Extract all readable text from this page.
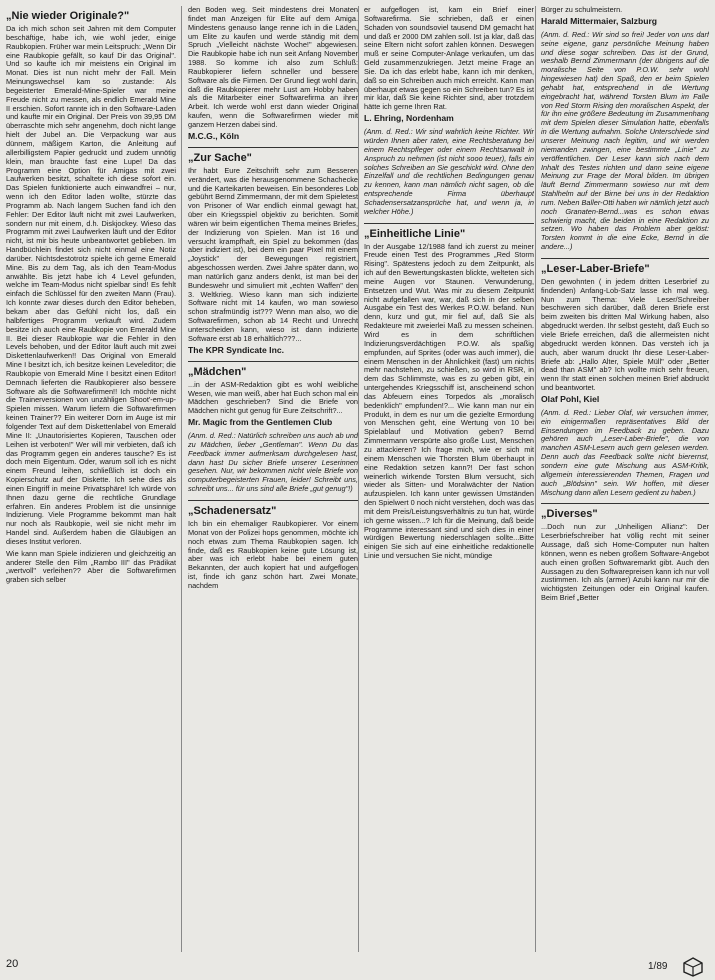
„Nie wieder Originale?"

Da ich mich schon seit Jahren mit dem Computer beschäftige, habe ich, wie wohl jeder, einige Raubkopien. Früher war mein Leitspruch: „Wenn Dir eine Raubkopie gefällt, so kauf Dir das Original". Und so kaufte ich mir meistens ein Original im Monat. Dies ist nun nicht mehr der Fall. Mein Meinungswechsel kam so zustande: Als begeisterter Emerald-Mine-Spieler war meine Freude nicht zu messen, als endlich Emerald Mine II erschien. Sofort rannte ich in den Software-Laden und kaufte mir ein Original. Der Preis von 39,95 DM überraschte mich sehr angenehm, doch nicht lange hielt der Jubel an. Die Verpackung war aus dünnem, mäßigem Karton, die Anleitung auf allerbilligstem Papier gedruckt und zudem unnötig klein, man brauchte fast eine Lupe! Da das Programm eine Option für Amigas mit zwei Laufwerken besitzt, schaltete ich diese sofort ein. Das Spielen funktionierte auch einwandfrei – nur, wenn ich den Editor laden wollte, stürzte das Programm ab. Nach langem Suchen fand ich den Fehler: Der Editor läuft nicht mit zwei Laufwerken, sondern nur mit einem, d.h. Diskjockey. Wieso das Programm mit zwei Laufwerken läuft und der Editor nicht, ist mir bis heute unbeantwortet geblieben. Im Handbüchlein findet sich nicht einmal eine Notiz darüber. Nichtsdestotrotz spielte ich gerne Emerald Mine. Bis zu dem Tag, als ich den Team-Modus anwählte. Bis jetzt habe ich 4 Level gefunden, welche im Team-Modus nicht spielbar sind! Es fehlt einfach die Schlüssel für den zweiten Mann (Frau). Ich konnte zwar dieses durch den Editor beheben, bekam aber das Gefühl nicht los, daß ein halbfertiges Programm verkauft wird. Zudem besitze ich auch eine Raubkopie von Emerald Mine II. Bei dieser Raubkopie war die Fehler in den Levels behoben, und der Editor läuft auch mit zwei Diskettenlaufwerken!! Das Original von Emerald Mine I besitzt ich, ich besitze keinen Leveleditor; die Raubkopie von Emerald Mine I besitzt einen Editor! Demnach lieferten die Raubkopierer also bessere Software als die Softwarefirmen!! Ich möchte nicht die Trainerversionen von unzähligen Shoot'-em-up-Spielen missen. Warum liefern die Softwarefirmen keinen Trainer?? Ein weiterer Dorn im Auge ist mir folgender Text auf dem Diskettenlabel von Emerald Mine II: „Unautorisiertes Kopieren, Tauschen oder Leihen ist verboten!" Wer will mir verbieten, daß ich das Programm gegen ein anderes tausche? Es ist doch mein Eigentum. Oder, warum soll ich es nicht einem Freund leihen, schließlich ist doch ein Kopierschutz auf der Diskette. Ich sehe dies als einen Eingriff in meine Privatsphäre! Ich würde von Ihnen dazu gerne die rechtliche Grundlage erfahren. Ein anderes Problem ist die unsinnige Indizierung. Viele Programme bekommt man halt nur noch als Raubkopie, weil sie nicht mehr im Handel sind. Außerdem haben die Gläubigen an dieses Institut verloren.

Wie kann man Spiele indizieren und gleichzeitig an anderer Stelle den Film „Rambo III" das Prädikat „wertvoll" verleihen?? Aber die Softwarefirmen graben sich selber

den Boden weg. Seit mindestens drei Monaten findet man Anzeigen für Elite auf dem Amiga. Mindestens genauso lange renne ich in die Läden, um Elite zu kaufen und werde ständig mit dem Spruch „Vielleicht nächste Woche!" abgewiesen. Die Raubkopie habe ich nun seit Anfang November 1988. So komme ich also zum Schluß: Raubkopierer liefern schneller und bessere Software als die Firmen. Der Grund liegt wohl darin, daß die Raubkopierer mehr Lust am Hobby haben als die Mitarbeiter einer Softwarefirma an ihrer Arbeit. Ich werde wohl erst dann wieder Original kaufen, wenn die Softwarefirmen wieder mit ganzem Herzen dabei sind.

M.C.G., Köln
„Zur Sache"

Ihr habt Eure Zeitschrift sehr zum Besseren verändert, was die herausgenommene Schachecke und die Karteikarten beweisen. Ein besonderes Lob gebührt Bernd Zimmermann, der mit dem Spieletest von Prisoner of War endlich einmal gewagt hat, über ein Kriegsspiel objektiv zu berichten. Somit wären wir beim eigentlichen Thema meines Briefes, der Indizierung von Spielen. Man ist 16 und versucht krampfhaft, ein Spiel zu bekommen (das aber indiziert ist), bei dem ein paar Pixel mit einem „Joystick" der Bewegungen registriert, abgeschossen werden. Zwei Jahre später dann, wo man natürlich ganz anders denkt, ist man bei der Bundeswehr und simuliert mit „echten Waffen" den 3. Weltkrieg. Wieso kann man sich indizierte Software nicht mit 14 kaufen, wo man sowieso schon strafmündig ist??? Wenn man also, wo die Softwarefirmen, schon ab 14 Recht und Unrecht unterscheiden kann, wieso ist dann indizierte Software erst ab 18 erhältlich???...

The KPR Syndicate Inc.
„Mädchen"

...in der ASM-Redaktion gibt es wohl weibliche Wesen, wie man weiß, aber hat Euch schon mal ein Mädchen geschrieben? Sind die Briefe von Mädchen nicht gut genug für Eure Zeitschrift?...

Mr. Magic from the Gentlemen Club

(Anm. d. Red.: Natürlich schreiben uns auch ab und zu Mädchen, lieber „Gentleman". Wenn Du das Feedback immer aufmerksam durchgelesen hast, dann hast Du sicher Briefe unserer Leserinnen gesehen. Nur, wir bekommen nicht viele Briefe von computerbegeisterten Frauen, leider! Schreibt uns, schreibt uns... für uns sind alle Briefe „gut genug"!)

„Schadenersatz"

Ich bin ein ehemaliger Raubkopierer. Vor einem Monat von der Polizei hops genommen, möchte ich noch etwas zum Thema Raubkopien sagen. Ich finde, daß es Raubkopien keine gute Lösung ist, aber was ich erlebt habe bei einem guten Bekannten, der auch kopiert hat und aufgeflogen ist, finde ich ganz schön hart. Zwei Monate, nachdem

er aufgeflogen ist, kam ein Brief einer Softwarefirma. Sie schrieben, daß er einen Schaden von soundsoviel tausend DM gemacht hat und daß er 2000 DM zahlen soll. Ist ja klar, daß das seine Eltern nicht sofort zahlen können. Deswegen muß er seine Computer-Anlage verkaufen, um das Geld zusammenzukriegen. Jetzt meine Frage an Sie. Da ich das erlebt habe, kann ich mir denken, daß so ein Schreiben auch mich erreicht. Kann man überhaupt etwas gegen so ein Schreiben tun? Es ist mir klar, daß Sie keine Richter sind, aber trotzdem hätte ich gerne Ihren Rat.

L. Ehring, Nordenham

(Anm. d. Red.: Wir sind wahrlich keine Richter. Wir würden Ihnen aber raten, eine Rechtsberatung bei einem Rechtspfleger oder einem Rechtsanwalt in Anspruch zu nehmen (ist nicht sooo teuer), falls ein solches Schreiben an Sie geschickt wird. Ohne den Einzelfall und die rechtlichen Bedingungen genau zu kennen, kann man nämlich nicht sagen, ob die entsprechende Firma überhaupt Schadensersatzansprüche hat, und wenn ja, in welcher Höhe.)

„Einheitliche Linie"

In der Ausgabe 12/1988 fand ich zuerst zu meiner Freude einen Test des Programmes „Red Storm Rising". Spätestens jedoch zu dem Zeitpunkt, als ich auf den Bewertungskasten blickte, welteten sich meine Augen vor Staunen. Verwunderung, Entsetzen und Wut. Was mir zu diesem Zeitpunkt nicht aufgefallen war, war, daß sich in der selben Ausgabe ein Test des Werkes P.O.W. befand. Nun denn, kurz und gut, mir fiel auf, daß Sie als Redakteure mit zweierlei Maß zu messen scheinen. Wird es in dem schriftlichen Indizierungsverdächtigen P.O.W. als spaßig empfunden, auf Sprites (oder was auch immer), die einem Menschen in der Ähnlichkeit (fast) um nichts mehr nachstehen, zu schießen, so wird in RSR, in dem das Schlimmste, was es zu geben gibt, ein untergehendes Kriegsschiff ist, anscheinend schon das Abfeuern eines Torpedos als „moralisch bedenklich" empfunden!?... Wie kann man nur ein Produkt, in dem es nur um die gezielte Ermordung von Menschen geht, eine Wertung von 10 bei Spielablauf und Motivation geben? Bernd Zimmermann verspürte also große Lust, Menschen zu attackieren? Ich frage mich, wie er sich mit einem Menschen wie Thorsten Blum überhaupt in eine Redaktion setzen kann?! Der fast schon weinerlich wirkende Torsten Blum versucht, sich wieder als Sitten- und Moralwächter der Nation aufzuspielen. Ich kann unter gewissen Umständen den Spielwert 0 noch nicht verstehen, doch was das mit dem Preis/Leistungsverhältnis zu tun hat, würde ich gerne wissen...? Ich für die Meinung, daß beide Programme interessant sind und sich dies in einer würdigen Bewertung niederschlagen sollte...Bitte einigen Sie sich auf eine einheitliche redaktionelle Linie und versuchen Sie nicht, mündige

Bürger zu schulmeistern.

Harald Mittermaier, Salzburg

(Anm. d. Red.: Wir sind so frei! Jeder von uns darf seine eigene, ganz persönliche Meinung haben und diese sogar schreiben. Das ist der Grund, weshalb Bernd Zimmermann (der übrigens auf die moralische Seite von P.O.W. sehr wohl hingewiesen hat) den Spaß, den er beim Spielen gehabt hat, entsprechend in die Wertung eingebracht hat, während Torsten Blum im Falle von Red Storm Rising den moralischen Aspekt, der für ihn eine größere Bedeutung im Zusammenhang mit dem Spielen dieser Simulation hatte, ebenfalls in die Wertung aufnahm. Solche Unterschiede sind unserer Meinung nach legitim, und wir werden niemanden zwingen, eine bestimmte „Linie" zu veröffentlichen. Der Leser kann sich nach dem Inhalt des Testes richten und dann seine eigene Meinung zur Frage der Moral bilden. Im übrigen läuft Bernd Zimmermann sowieso nur mit dem Stahlhelm auf der Birne bei uns in der Redaktion rum. Neben Baller-Otti haben wir nämlich jetzt auch noch Granaten-Bernd...was es schon etwas schwierig macht, die beiden in eine Redaktion zu setzen. Wo haben das Problem aber gelöst: Torsten kommt in die eine Ecke, Bernd in die andere...)

„Leser-Laber-Briefe"

Den gewohnten ( in jedem dritten Leserbrief zu findenden) Anfang-Lob-Satz lasse ich mal weg. Nun zum Thema: Viele Leser/Schreiber beschweren sich darüber, daß deren Briefe erst beim zweiten bis dritten Mal Wirkung haben, also abgedruckt werden. Ihr selbst gesteht, daß Euch so viele Briefe erreichen, daß die allermeisten nicht abgedruckt werden können. Das versteh ich ja auch, aber warum druckt Ihr diese Leser-Laber-Briefe ab: „Hallo Alter, Spiele Müll" oder „Better dead than ASM" ab? Ich wollte mich sehr freuen, wenn Ihr statt einen solchen meinen Brief abdruckt und beantwortet.

Olaf Pohl, Kiel

(Anm. d. Red.: Lieber Olaf, wir versuchen immer, ein einigermaßen repräsentatives Bild der Einsendungen im Feedback zu geben. Dazu gehören auch „Leser-Laber-Briefe", die von manchen ASM-Lesern auch gern gelesen werden. Denn auch das Feedback sollte nicht bierernst, sondern eine gute Mischung aus ASM-Kritik, allgemein interessierenden Themen, Fragen und auch „Blödsinn" sein. Wir hoffen, mit dieser Mischung dann allen Lesern gedient zu haben.)

„Diverses"

...Doch nun zur „Unheiligen Allianz": Der Leserbriefschreiber hat völlig recht mit seiner Aussage, daß sich Home-Computer nun halten können, wenn es neben großem Software-Angebot auch einen großen Softwaremarkt gibt. Auch den Aussagen zu den Softwarepreisen kann ich nur voll zustimmen. Ich als (armer) Azubi kann nur mir die wichtigsten Zeitungen oder ein Original kaufen. Beim Brief „Better

20	1/89
